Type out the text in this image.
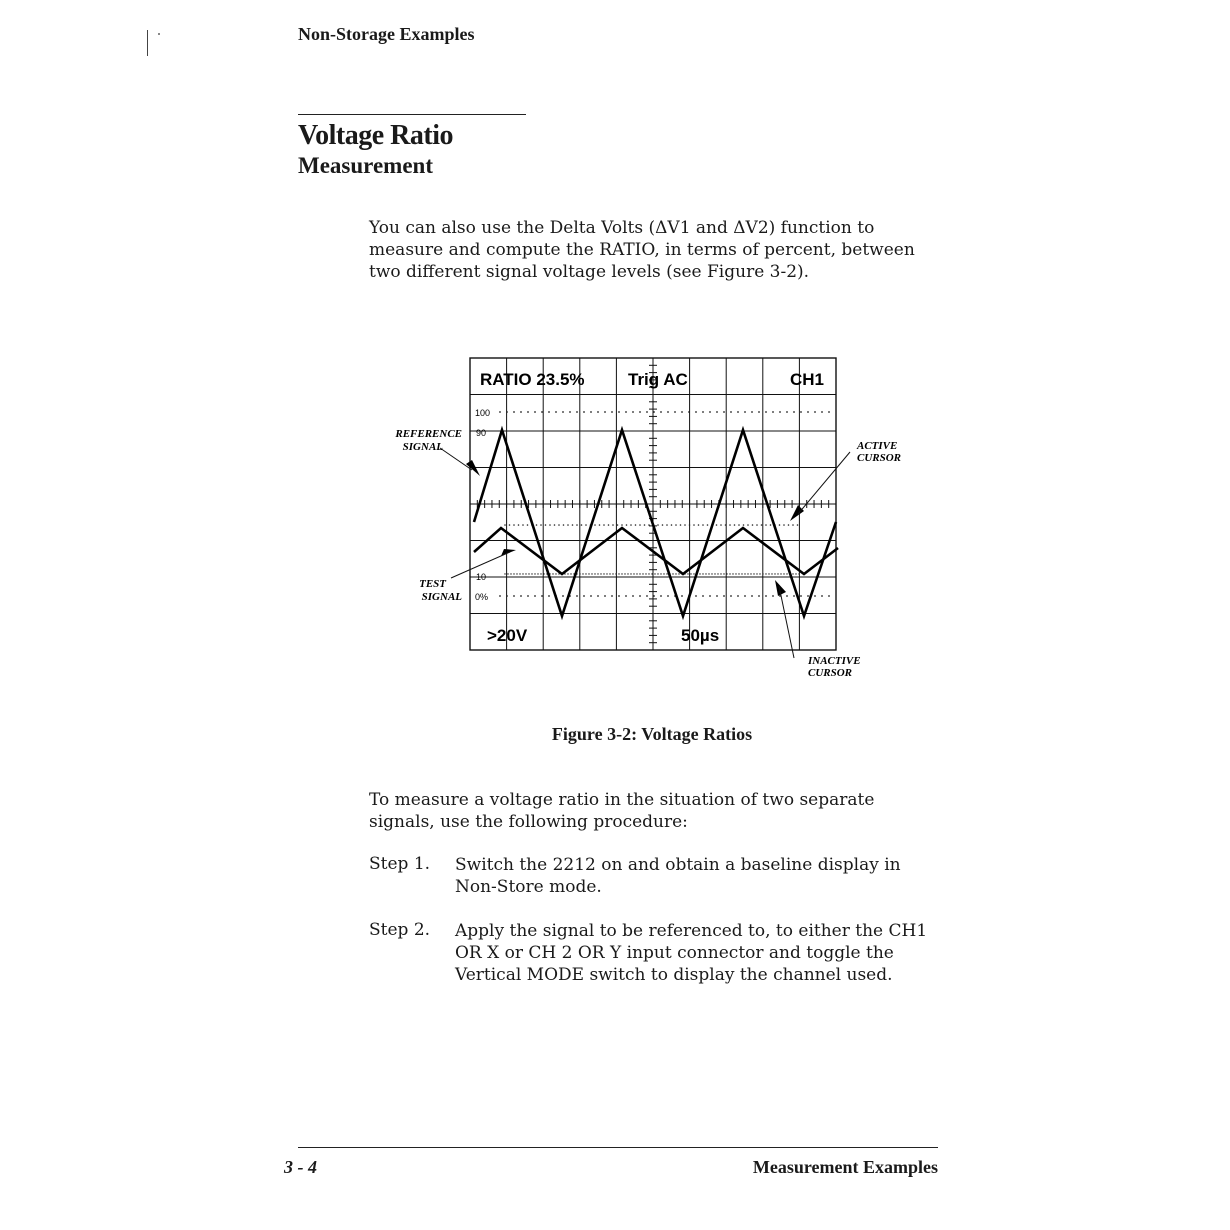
Non-Storage Examples
Voltage Ratio
Measurement
You can also use the Delta Volts (ΔV1 and ΔV2) function to measure and compute the RATIO, in terms of percent, between two different signal voltage levels (see Figure 3-2).
RATIO 23.5%	Trig AC	CH1
>20V	50µs
100
90
10
0%
REFERENCE
SIGNAL
TEST
SIGNAL
ACTIVE
CURSOR
INACTIVE
CURSOR
Figure 3-2: Voltage Ratios
To measure a voltage ratio in the situation of two separate signals, use the following procedure:
Step 1. Switch the 2212 on and obtain a baseline display in Non-Store mode.
Step 2. Apply the signal to be referenced to, to either the CH1 OR X or CH 2 OR Y input connector and toggle the Vertical MODE switch to display the channel used.
3 - 4	Measurement Examples
